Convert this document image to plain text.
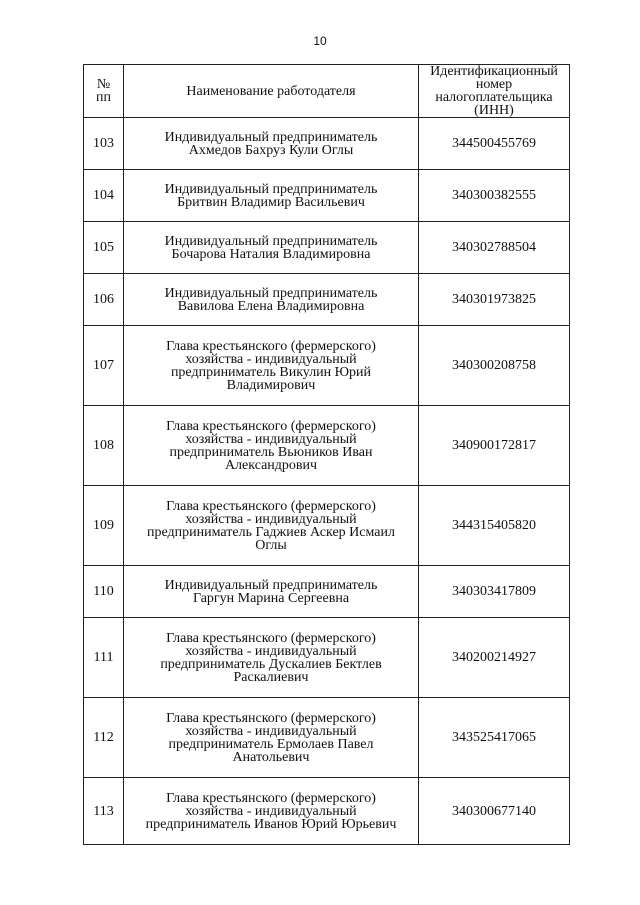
10
№
пп	Наименование работодателя	Идентификационный
номер
налогоплательщика
(ИНН)

103	Индивидуальный предприниматель
Ахмедов Бахруз Кули Оглы	344500455769
104	Индивидуальный предприниматель
Бритвин Владимир Васильевич	340300382555
105	Индивидуальный предприниматель
Бочарова Наталия Владимировна	340302788504
106	Индивидуальный предприниматель
Вавилова Елена Владимировна	340301973825
107	Глава крестьянского (фермерского)
хозяйства - индивидуальный
предприниматель Викулин Юрий
Владимирович	340300208758
108	Глава крестьянского (фермерского)
хозяйства - индивидуальный
предприниматель Вьюников Иван
Александрович	340900172817
109	Глава крестьянского (фермерского)
хозяйства - индивидуальный
предприниматель Гаджиев Аскер Исмаил
Оглы	344315405820
110	Индивидуальный предприниматель
Гаргун Марина Сергеевна	340303417809
111	Глава крестьянского (фермерского)
хозяйства - индивидуальный
предприниматель Дускалиев Бектлев
Раскалиевич	340200214927
112	Глава крестьянского (фермерского)
хозяйства - индивидуальный
предприниматель Ермолаев Павел
Анатольевич	343525417065
113	Глава крестьянского (фермерского)
хозяйства - индивидуальный
предприниматель Иванов Юрий Юрьевич	340300677140
